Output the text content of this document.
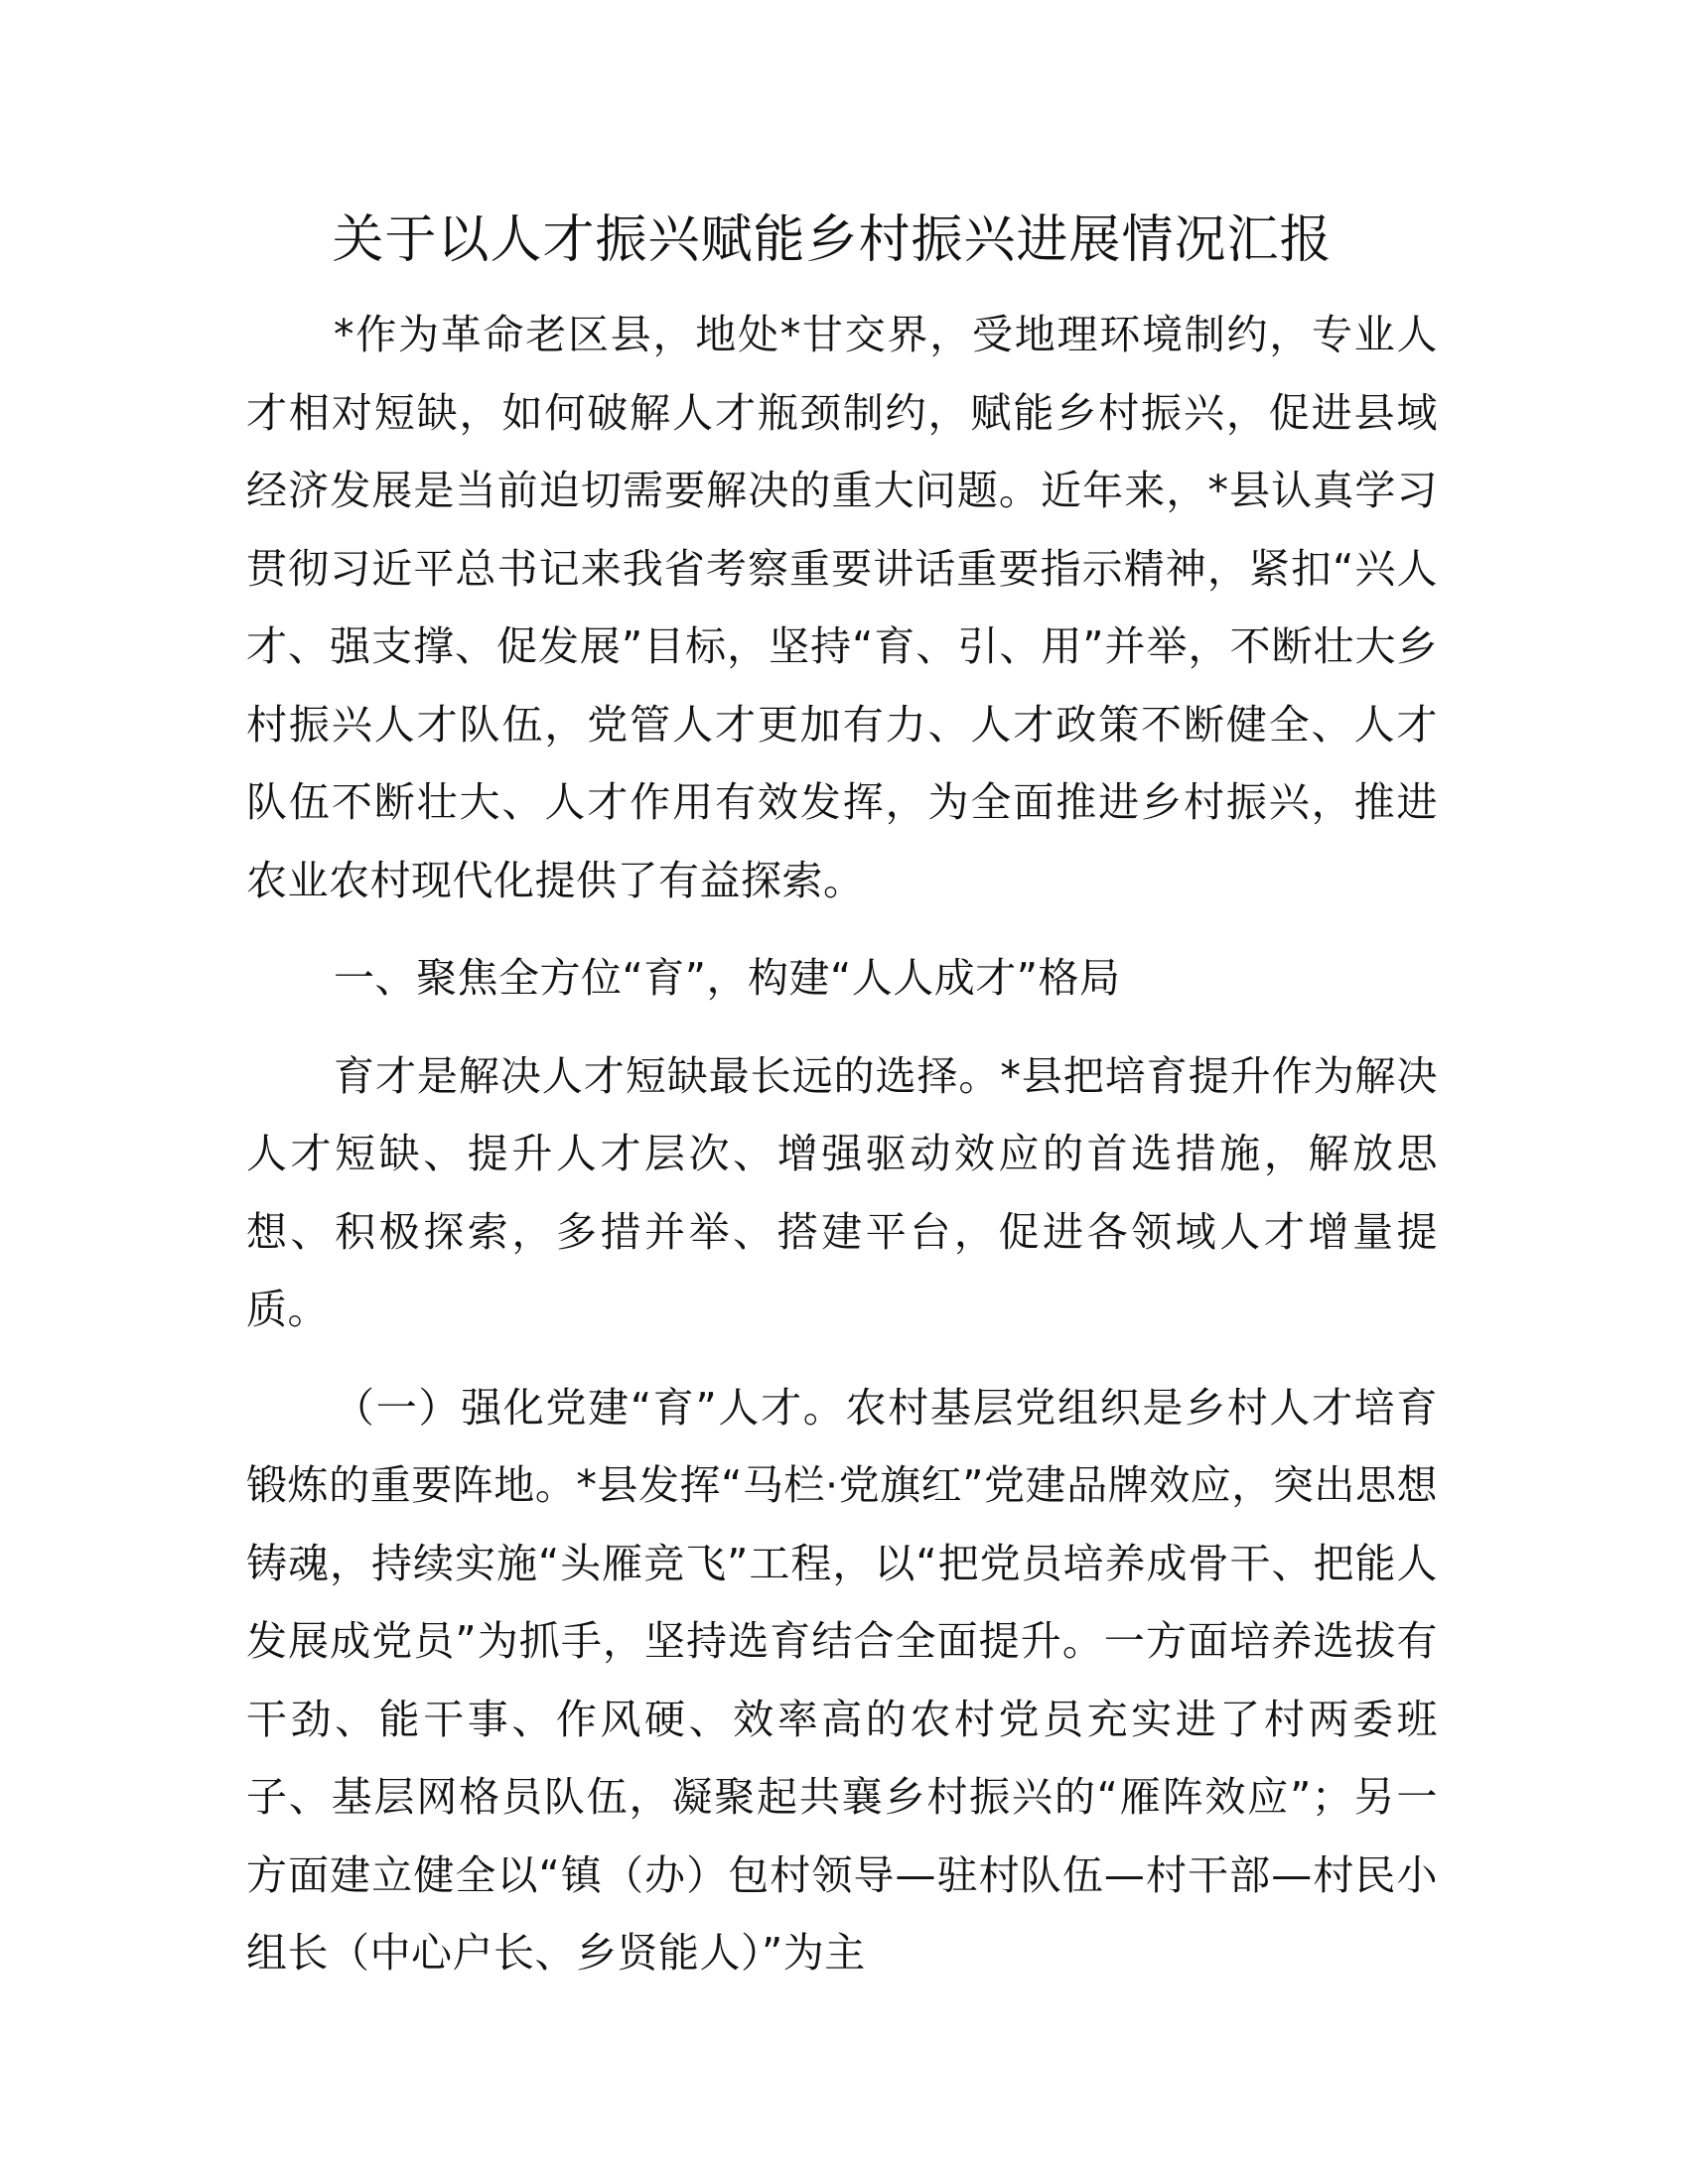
关于以人才振兴赋能乡村振兴进展情况汇报

*作为革命老区县，地处*甘交界，受地理环境制约，专业人才相对短缺，如何破解人才瓶颈制约，赋能乡村振兴，促进县域经济发展是当前迫切需要解决的重大问题。近年来，*县认真学习贯彻习近平总书记来我省考察重要讲话重要指示精神，紧扣“兴人才、强支撑、促发展”目标，坚持“育、引、用”并举，不断壮大乡村振兴人才队伍，党管人才更加有力、人才政策不断健全、人才队伍不断壮大、人才作用有效发挥，为全面推进乡村振兴，推进农业农村现代化提供了有益探索。

一、聚焦全方位“育”，构建“人人成才”格局

育才是解决人才短缺最长远的选择。*县把培育提升作为解决人才短缺、提升人才层次、增强驱动效应的首选措施，解放思想、积极探索，多措并举、搭建平台，促进各领域人才增量提质。

（一）强化党建“育”人才。农村基层党组织是乡村人才培育锻炼的重要阵地。*县发挥“马栏·党旗红”党建品牌效应，突出思想铸魂，持续实施“头雁竞飞”工程，以“把党员培养成骨干、把能人发展成党员”为抓手，坚持选育结合全面提升。一方面培养选拔有干劲、能干事、作风硬、效率高的农村党员充实进了村两委班子、基层网格员队伍，凝聚起共襄乡村振兴的“雁阵效应”；另一方面建立健全以“镇（办）包村领导—驻村队伍—村干部—村民小组长（中心户长、乡贤能人）”为主
